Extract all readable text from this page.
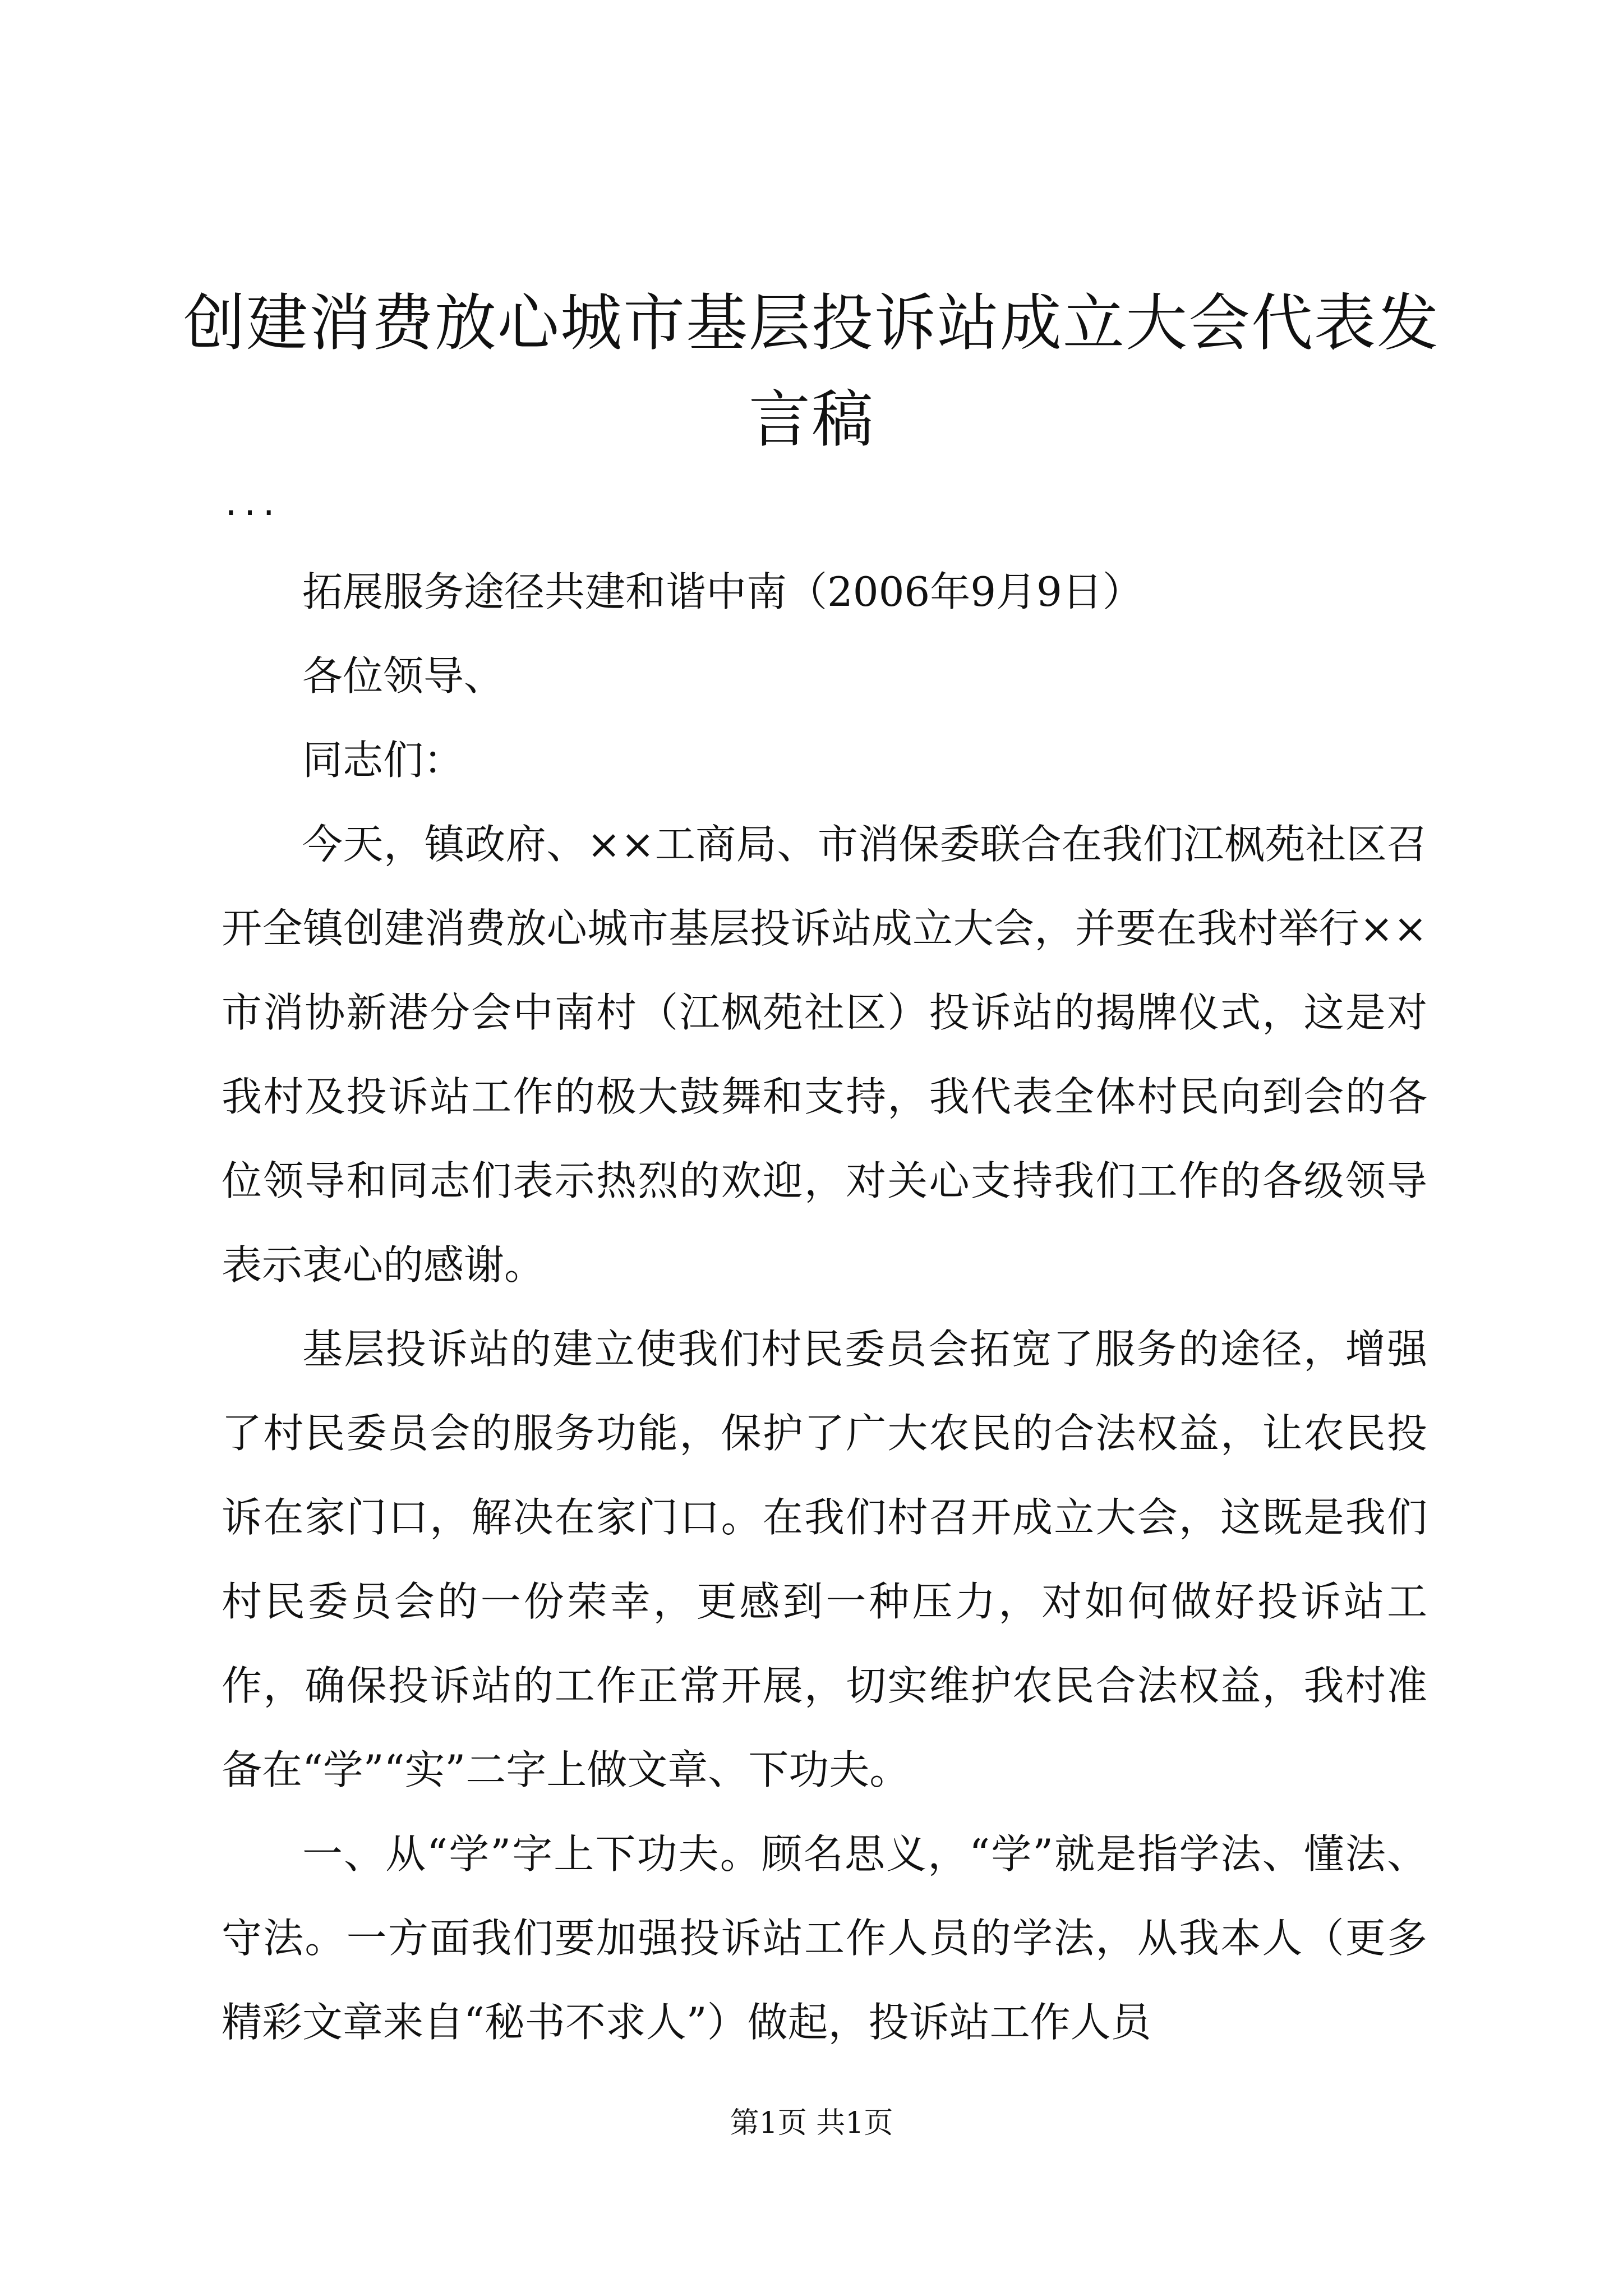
创建消费放心城市基层投诉站成立大会代表发言稿
...

拓展服务途径共建和谐中南（2006年9月9日）

各位领导、

同志们：

今天，镇政府、××工商局、市消保委联合在我们江枫苑社区召开全镇创建消费放心城市基层投诉站成立大会，并要在我村举行××市消协新港分会中南村（江枫苑社区）投诉站的揭牌仪式，这是对我村及投诉站工作的极大鼓舞和支持，我代表全体村民向到会的各位领导和同志们表示热烈的欢迎，对关心支持我们工作的各级领导表示衷心的感谢。

基层投诉站的建立使我们村民委员会拓宽了服务的途径，增强了村民委员会的服务功能，保护了广大农民的合法权益，让农民投诉在家门口，解决在家门口。在我们村召开成立大会，这既是我们村民委员会的一份荣幸，更感到一种压力，对如何做好投诉站工作，确保投诉站的工作正常开展，切实维护农民合法权益，我村准备在“学”“实”二字上做文章、下功夫。

一、从“学”字上下功夫。顾名思义，“学”就是指学法、懂法、守法。一方面我们要加强投诉站工作人员的学法，从我本人（更多精彩文章来自“秘书不求人”）做起，投诉站工作人员

第1页 共1页
